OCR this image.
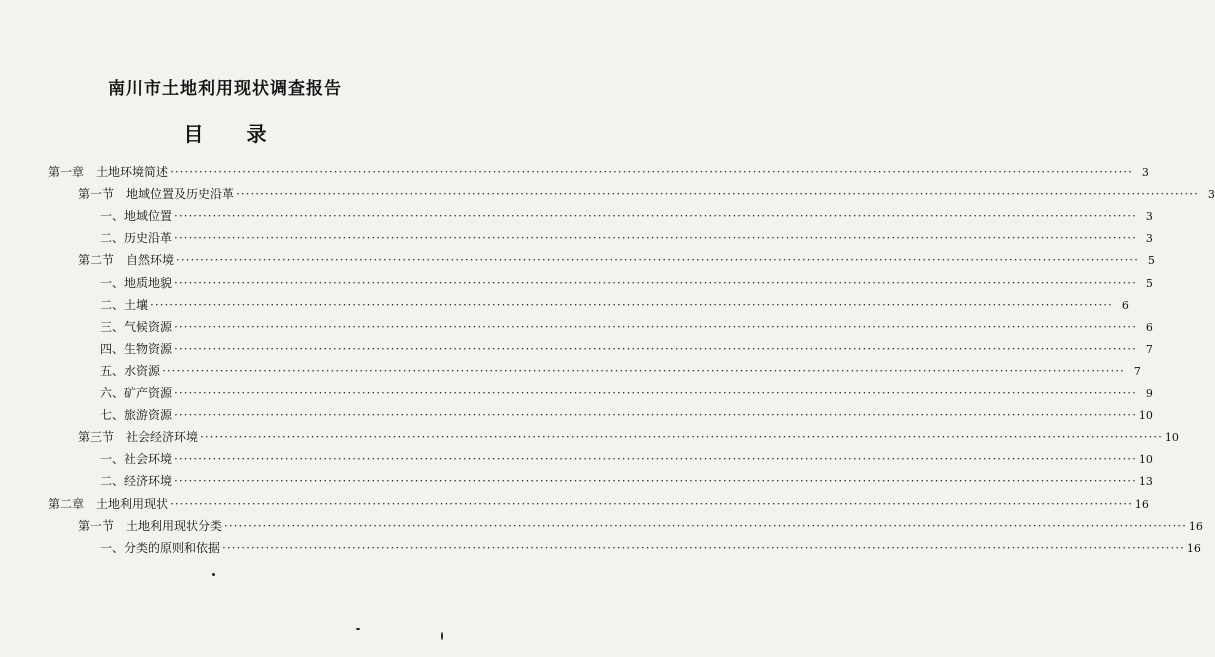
南川市土地利用现状调查报告
目 录
第一章　土地环境简述 ········································································································································································································ 3
第一节　地域位置及历史沿革 ········································································································································································································ 3
一、地域位置 ········································································································································································································ 3
二、历史沿革 ········································································································································································································ 3
第二节　自然环境 ········································································································································································································ 5
一、地质地貌 ········································································································································································································ 5
二、土壤 ········································································································································································································ 6
三、气候资源 ········································································································································································································ 6
四、生物资源 ········································································································································································································ 7
五、水资源 ········································································································································································································ 7
六、矿产资源 ········································································································································································································ 9
七、旅游资源 ········································································································································································································ 10
第三节　社会经济环境 ········································································································································································································ 10
一、社会环境 ········································································································································································································ 10
二、经济环境 ········································································································································································································ 13
第二章　土地利用现状 ········································································································································································································ 16
第一节　土地利用现状分类 ········································································································································································································ 16
一、分类的原则和依据 ········································································································································································································ 16
